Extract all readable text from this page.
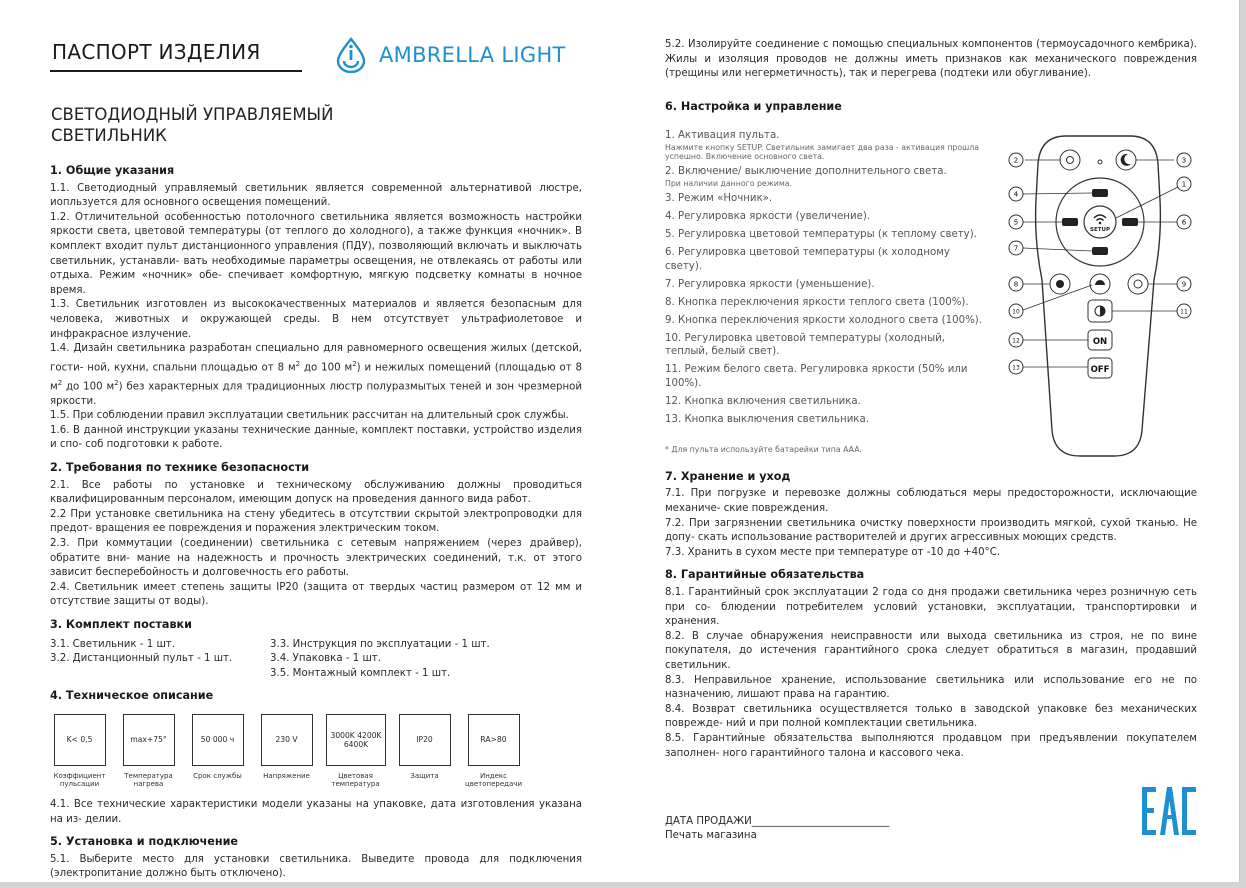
ПАСПОРТ ИЗДЕЛИЯ	AMBRELLA LIGHT
СВЕТОДИОДНЫЙ УПРАВЛЯЕМЫЙ
СВЕТИЛЬНИК
1. Общие указания

1.1. Светодиодный управляемый светильник является современной альтернативой люстре, иопльзуется для основного освещения помещений.

1.2. Отличительной особенностью потолочного светильника является возможность настройки яркости света, цветовой температуры (от теплого до холодного), а также функция «ночник». В комплект входит пульт дистанционного управления (ПДУ), позволяющий включать и выключать светильник, устанавли- вать необходимые параметры освещения, не отвлекаясь от работы или отдыха. Режим «ночник» обе- спечивает комфортную, мягкую подсветку комнаты в ночное время.

1.3. Светильник изготовлен из высококачественных материалов и является безопасным для человека, животных и окружающей среды. В нем отсутствует ультрафиолетовое и инфракрасное излучение.

1.4. Дизайн светильника разработан специально для равномерного освещения жилых (детской, гости- ной, кухни, спальни площадью от 8 $м^2$ до 100 $м^2$) и нежилых помещений (площадью от 8 $м^2$ до 100 $м^2$) без характерных для традиционных люстр полуразмытых теней и зон чрезмерной яркости.

1.5. При соблюдении правил эксплуатации светильник рассчитан на длительный срок службы.

1.6. В данной инструкции указаны технические данные, комплект поставки, устройство изделия и спо- соб подготовки к работе.

2. Требования по технике безопасности

2.1. Все работы по установке и техническому обслуживанию должны проводиться квалифицированным персоналом, имеющим допуск на проведения данного вида работ.

2.2 При установке светильника на стену убедитесь в отсутствии скрытой электропроводки для предот- вращения ее повреждения и поражения электрическим током.

2.3. При коммутации (соединении) светильника с сетевым напряжением (через драйвер), обратите вни- мание на надежность и прочность электрических соединений, т.к. от этого зависит бесперебойность и долговечность его работы.

2.4. Светильник имеет степень защиты IP20 (защита от твердых частиц размером от 12 мм и отсутствие защиты от воды).

3. Комплект поставки
3.1. Светильник - 1 шт.
3.2. Дистанционный пульт - 1 шт.
3.3. Инструкция по эксплуатации - 1 шт.
3.4. Упаковка - 1 шт.
3.5. Монтажный комплект - 1 шт.
4. Техническое описание
K< 0,5
Коэффициент пульсации
max+75°
Температура нагрева
50 000 ч
Срок службы
230 V
Напряжение
3000K 4200K 6400K
Цветовая температура
IP20
Защита
RA>80
Индекс цветопередачи

4.1. Все технические характеристики модели указаны на упаковке, дата изготовления указана на из- делии.

5. Установка и подключение

5.1. Выберите место для установки светильника. Выведите провода для подключения (электропитание должно быть отключено).

5.2. Изолируйте соединение с помощью специальных компонентов (термоусадочного кембрика). Жилы и изоляция проводов не должны иметь признаков как механического повреждения (трещины или негерметичность), так и перегрева (подтеки или обугливание).

6. Настройка и управление
1. Активация пульта.
Нажмите кнопку SETUP. Светильник замигает два раза - активация прошла успешно. Включение основного света.
2. Включение/ выключение дополнительного света.
При наличии данного режима.
3. Режим «Ночник».
4. Регулировка яркости (увеличение).
5. Регулировка цветовой температуры (к теплому свету).
6. Регулировка цветовой температуры (к холодному свету).
7. Регулировка яркости (уменьшение).
8. Кнопка переключения яркости теплого света (100%).
9. Кнопка переключения яркости холодного света (100%).
10. Регулировка цветовой температуры (холодный, теплый, белый свет).
11. Режим белого света. Регулировка яркости (50% или 100%).
12. Кнопка включения светильника.
13. Кнопка выключения светильника.
* Для пульта используйте батарейки типа AAA.
7. Хранение и уход

7.1. При погрузке и перевозке должны соблюдаться меры предосторожности, исключающие механиче- ские повреждения.

7.2. При загрязнении светильника очистку поверхности производить мягкой, сухой тканью. Не допу- скать использование растворителей и других агрессивных моющих средств.

7.3. Хранить в сухом месте при температуре от -10 до +40°С.

8. Гарантийные обязательства

8.1. Гарантийный срок эксплуатации 2 года со дня продажи светильника через розничную сеть при со- блюдении потребителем условий установки, эксплуатации, транспортировки и хранения.

8.2. В случае обнаружения неисправности или выхода светильника из строя, не по вине покупателя, до истечения гарантийного срока следует обратиться в магазин, продавший светильник.

8.3. Неправильное хранение, использование светильника или использование его не по назначению, лишают права на гарантию.

8.4. Возврат светильника осуществляется только в заводской упаковке без механических поврежде- ний и при полной комплектации светильника.

8.5. Гарантийные обязательства выполняются продавцом при предъявлении покупателем заполнен- ного гарантийного талона и кассового чека.

SETUP
ON
OFF
1
2	3
4
5	6
7
8	9
10	11
12
13
ДАТА ПРОДАЖИ___________________________
Печать магазина
